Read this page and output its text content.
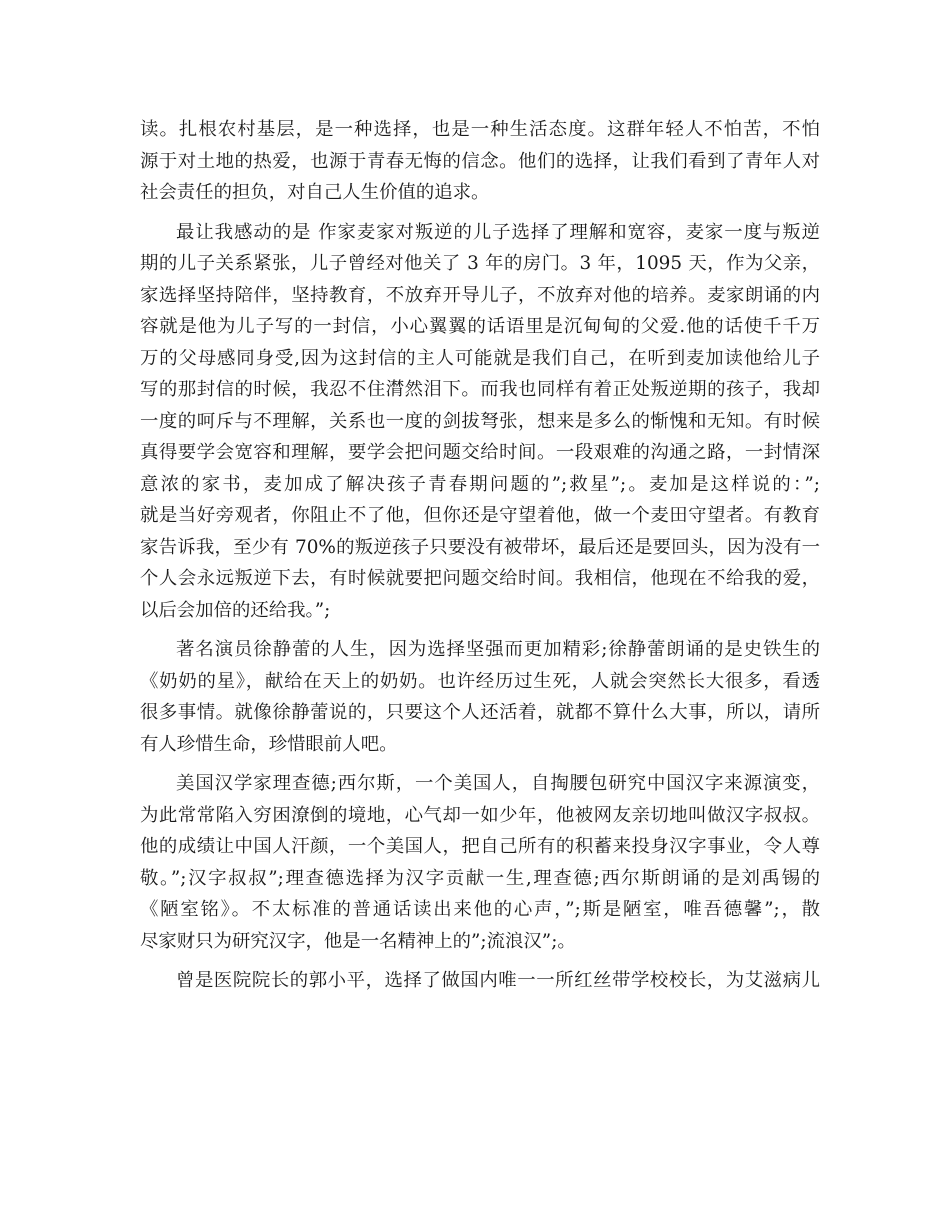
读。扎根农村基层，是一种选择，也是一种生活态度。这群年轻人不怕苦，不怕
源于对土地的热爱，也源于青春无悔的信念。他们的选择，让我们看到了青年人对
社会责任的担负，对自己人生价值的追求。
最让我感动的是 作家麦家对叛逆的儿子选择了理解和宽容，麦家一度与叛逆
期的儿子关系紧张，儿子曾经对他关了 3 年的房门。3 年，1095 天，作为父亲，
家选择坚持陪伴，坚持教育，不放弃开导儿子，不放弃对他的培养。麦家朗诵的内
容就是他为儿子写的一封信，小心翼翼的话语里是沉甸甸的父爱.他的话使千千万
万的父母感同身受,因为这封信的主人可能就是我们自己，在听到麦加读他给儿子
写的那封信的时候，我忍不住潸然泪下。而我也同样有着正处叛逆期的孩子，我却
一度的呵斥与不理解，关系也一度的剑拔弩张，想来是多么的惭愧和无知。有时候
真得要学会宽容和理解，要学会把问题交给时间。一段艰难的沟通之路，一封情深
意浓的家书，麦加成了解决孩子青春期问题的”;救星”;。麦加是这样说的：”;
就是当好旁观者，你阻止不了他，但你还是守望着他，做一个麦田守望者。有教育
家告诉我，至少有 70%的叛逆孩子只要没有被带坏，最后还是要回头，因为没有一
个人会永远叛逆下去，有时候就要把问题交给时间。我相信，他现在不给我的爱，
以后会加倍的还给我。”;
著名演员徐静蕾的人生，因为选择坚强而更加精彩;徐静蕾朗诵的是史铁生的
《奶奶的星》，献给在天上的奶奶。也许经历过生死，人就会突然长大很多，看透
很多事情。就像徐静蕾说的，只要这个人还活着，就都不算什么大事，所以，请所
有人珍惜生命，珍惜眼前人吧。
美国汉学家理查德;西尔斯，一个美国人，自掏腰包研究中国汉字来源演变，
为此常常陷入穷困潦倒的境地，心气却一如少年，他被网友亲切地叫做汉字叔叔。
他的成绩让中国人汗颜，一个美国人，把自己所有的积蓄来投身汉字事业，令人尊
敬。”;汉字叔叔”;理查德选择为汉字贡献一生,理查德;西尔斯朗诵的是刘禹锡的
《陋室铭》。不太标准的普通话读出来他的心声，”;斯是陋室，唯吾德馨”;，散
尽家财只为研究汉字，他是一名精神上的”;流浪汉”;。
曾是医院院长的郭小平，选择了做国内唯一一所红丝带学校校长，为艾滋病儿
